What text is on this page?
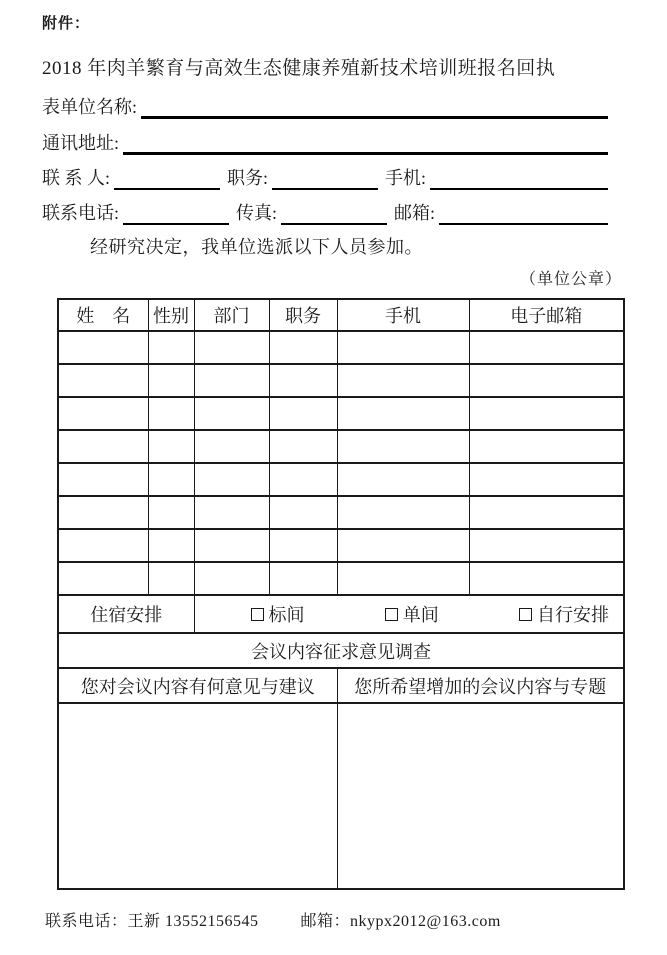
附件：
2018 年肉羊繁育与高效生态健康养殖新技术培训班报名回执
表单位名称:
通讯地址:
联 系 人:	职务:	手机:
联系电话:	传真:	邮箱:
经研究决定，我单位选派以下人员参加。
（单位公章）
姓　名	性别	部门	职务	手机	电子邮箱

住宿安排		标间 单间 自行安排			

会议内容征求意见调查					
您对会议内容有何意见与建议				您所希望增加的会议内容与专题	

联系电话：王新 13552156545	邮箱：nkypx2012@163.com
